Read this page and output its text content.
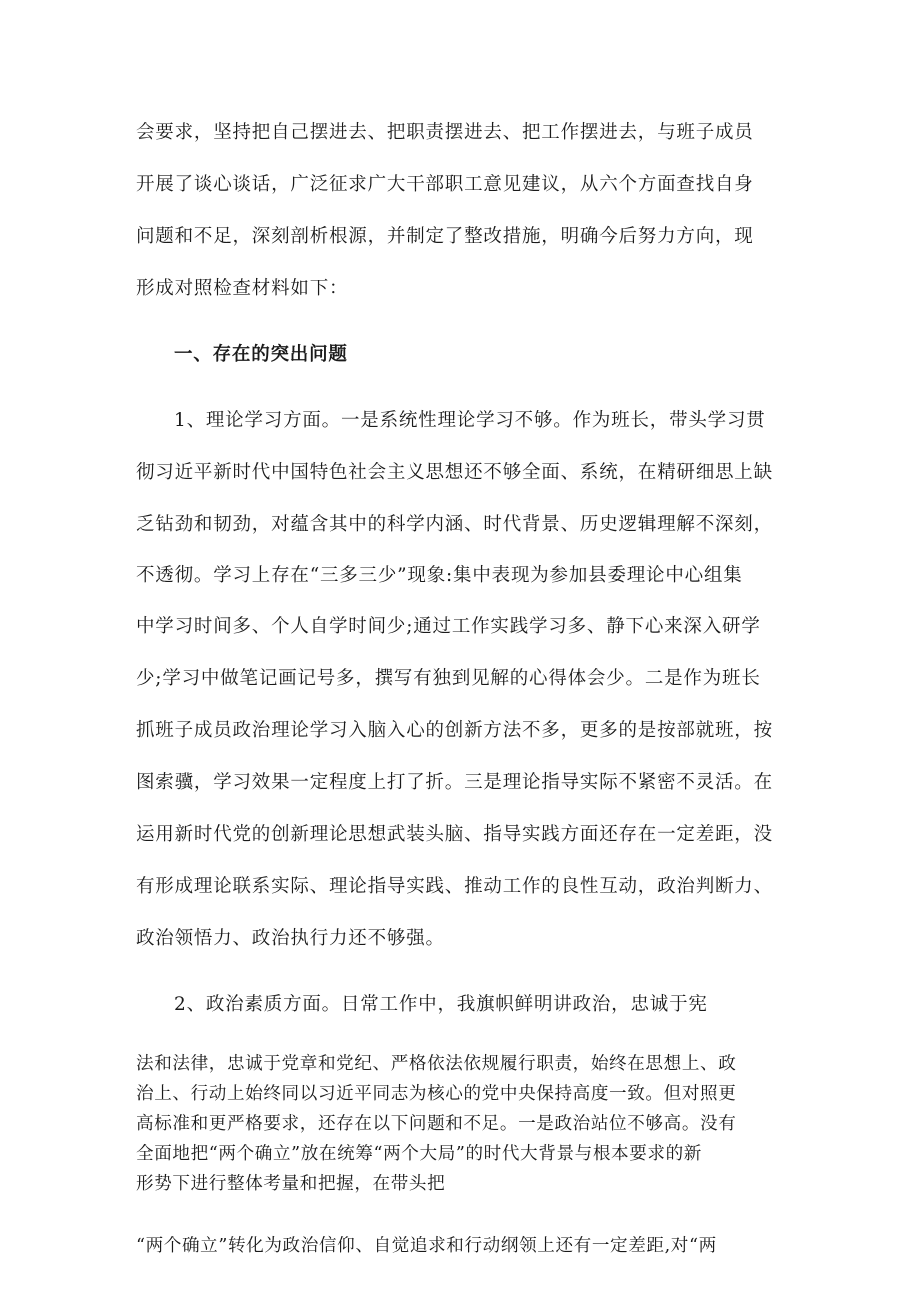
会要求，坚持把自己摆进去、把职责摆进去、把工作摆进去，与班子成员
开展了谈心谈话，广泛征求广大干部职工意见建议，从六个方面查找自身
问题和不足，深刻剖析根源，并制定了整改措施，明确今后努力方向，现
形成对照检查材料如下：
一、存在的突出问题
1、理论学习方面。一是系统性理论学习不够。作为班长，带头学习贯
彻习近平新时代中国特色社会主义思想还不够全面、系统，在精研细思上缺
乏钻劲和韧劲，对蕴含其中的科学内涵、时代背景、历史逻辑理解不深刻，
不透彻。学习上存在“三多三少”现象:集中表现为参加县委理论中心组集
中学习时间多、个人自学时间少;通过工作实践学习多、静下心来深入研学
少;学习中做笔记画记号多，撰写有独到见解的心得体会少。二是作为班长
抓班子成员政治理论学习入脑入心的创新方法不多，更多的是按部就班，按
图索骥，学习效果一定程度上打了折。三是理论指导实际不紧密不灵活。在
运用新时代党的创新理论思想武装头脑、指导实践方面还存在一定差距，没
有形成理论联系实际、理论指导实践、推动工作的良性互动，政治判断力、
政治领悟力、政治执行力还不够强。
2、政治素质方面。日常工作中，我旗帜鲜明讲政治，忠诚于宪
法和法律，忠诚于党章和党纪、严格依法依规履行职责，始终在思想上、政
治上、行动上始终同以习近平同志为核心的党中央保持高度一致。但对照更
高标准和更严格要求，还存在以下问题和不足。一是政治站位不够高。没有
全面地把“两个确立”放在统筹“两个大局”的时代大背景与根本要求的新
形势下进行整体考量和把握，在带头把
“两个确立”转化为政治信仰、自觉追求和行动纲领上还有一定差距,对“两
